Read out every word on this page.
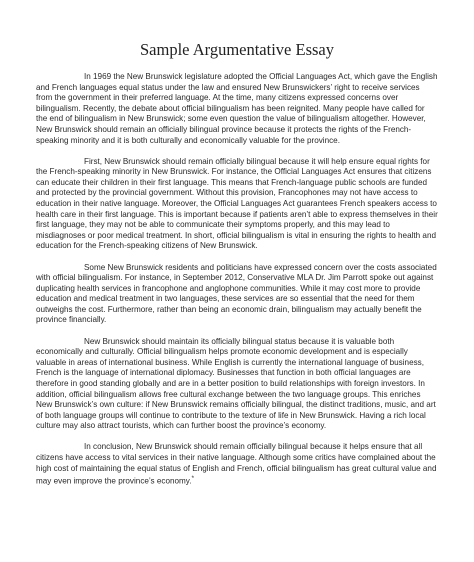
Sample Argumentative Essay

In 1969 the New Brunswick legislature adopted the Official Languages Act, which gave the English and French languages equal status under the law and ensured New Brunswickers’ right to receive services from the government in their preferred language. At the time, many citizens expressed concerns over bilingualism. Recently, the debate about official bilingualism has been reignited. Many people have called for the end of bilingualism in New Brunswick; some even question the value of bilingualism altogether. However, New Brunswick should remain an officially bilingual province because it protects the rights of the French-speaking minority and it is both culturally and economically valuable for the province.

First, New Brunswick should remain officially bilingual because it will help ensure equal rights for the French-speaking minority in New Brunswick. For instance, the Official Languages Act ensures that citizens can educate their children in their first language. This means that French-language public schools are funded and protected by the provincial government. Without this provision, Francophones may not have access to education in their native language. Moreover, the Official Languages Act guarantees French speakers access to health care in their first language. This is important because if patients aren’t able to express themselves in their first language, they may not be able to communicate their symptoms properly, and this may lead to misdiagnoses or poor medical treatment. In short, official bilingualism is vital in ensuring the rights to health and education for the French-speaking citizens of New Brunswick.

Some New Brunswick residents and politicians have expressed concern over the costs associated with official bilingualism. For instance, in September 2012, Conservative MLA Dr. Jim Parrott spoke out against duplicating health services in francophone and anglophone communities. While it may cost more to provide education and medical treatment in two languages, these services are so essential that the need for them outweighs the cost. Furthermore, rather than being an economic drain, bilingualism may actually benefit the province financially.

New Brunswick should maintain its officially bilingual status because it is valuable both economically and culturally. Official bilingualism helps promote economic development and is especially valuable in areas of international business. While English is currently the international language of business, French is the language of international diplomacy. Businesses that function in both official languages are therefore in good standing globally and are in a better position to build relationships with foreign investors. In addition, official bilingualism allows free cultural exchange between the two language groups. This enriches New Brunswick’s own culture: if New Brunswick remains officially bilingual, the distinct traditions, music, and art of both language groups will continue to contribute to the texture of life in New Brunswick. Having a rich local culture may also attract tourists, which can further boost the province’s economy.

In conclusion, New Brunswick should remain officially bilingual because it helps ensure that all citizens have access to vital services in their native language. Although some critics have complained about the high cost of maintaining the equal status of English and French, official bilingualism has great cultural value and may even improve the province’s economy.*
